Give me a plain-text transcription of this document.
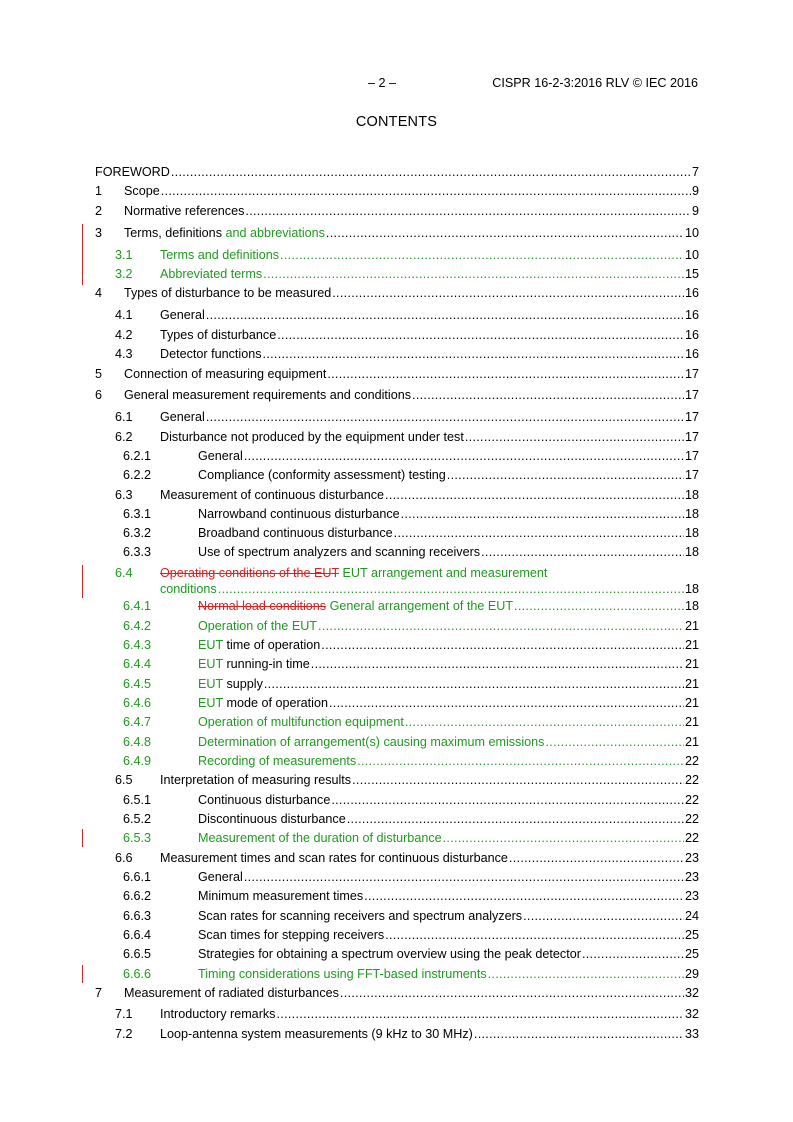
– 2 –	CISPR 16-2-3:2016 RLV © IEC 2016
CONTENTS
FOREWORD .....	7
1 Scope .....	9
2 Normative references .....	9
3 Terms, definitions and abbreviations .....	10
3.1 Terms and definitions .....	10
3.2 Abbreviated terms .....	15
4 Types of disturbance to be measured .....	16
4.1 General .....	16
4.2 Types of disturbance .....	16
4.3 Detector functions .....	16
5 Connection of measuring equipment .....	17
6 General measurement requirements and conditions .....	17
6.1 General .....	17
6.2 Disturbance not produced by the equipment under test .....	17
6.2.1	General .....	17
6.2.2	Compliance (conformity assessment) testing .....	17
6.3 Measurement of continuous disturbance .....	18
6.3.1	Narrowband continuous disturbance .....	18
6.3.2	Broadband continuous disturbance .....	18
6.3.3	Use of spectrum analyzers and scanning receivers .....	18
6.4 Operating conditions of the EUT EUT arrangement and measurement
conditions .....	18
6.4.1	Normal load conditions General arrangement of the EUT .....	18
6.4.2	Operation of the EUT .....	21
6.4.3	EUT time of operation .....	21
6.4.4	EUT running-in time .....	21
6.4.5	EUT supply .....	21
6.4.6	EUT mode of operation .....	21
6.4.7	Operation of multifunction equipment .....	21
6.4.8	Determination of arrangement(s) causing maximum emissions .....	21
6.4.9	Recording of measurements .....	22
6.5 Interpretation of measuring results .....	22
6.5.1	Continuous disturbance .....	22
6.5.2	Discontinuous disturbance .....	22
6.5.3	Measurement of the duration of disturbance .....	22
6.6 Measurement times and scan rates for continuous disturbance .....	23
6.6.1	General .....	23
6.6.2	Minimum measurement times .....	23
6.6.3	Scan rates for scanning receivers and spectrum analyzers .....	24
6.6.4	Scan times for stepping receivers .....	25
6.6.5	Strategies for obtaining a spectrum overview using the peak detector .....	25
6.6.6	Timing considerations using FFT-based instruments .....	29
7 Measurement of radiated disturbances .....	32
7.1 Introductory remarks .....	32
7.2 Loop-antenna system measurements (9 kHz to 30 MHz) .....	33
